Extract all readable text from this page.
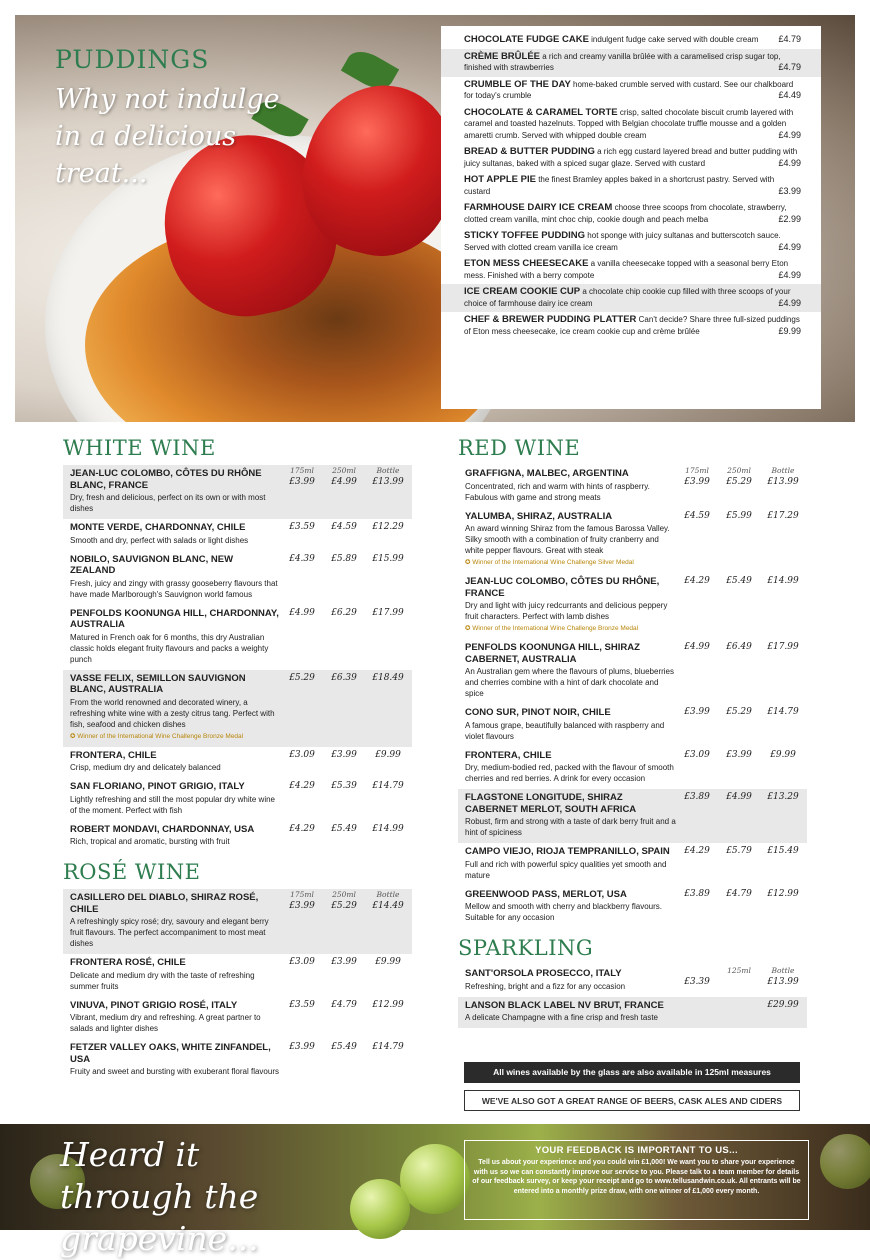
PUDDINGS
Why not indulge in a delicious treat...
CHOCOLATE FUDGE CAKE indulgent fudge cake served with double cream £4.79
CRÈME BRÛLÉE a rich and creamy vanilla brûlée with a caramelised crisp sugar top, finished with strawberries	£4.79
CRUMBLE OF THE DAY home-baked crumble served with custard. See our chalkboard for today's crumble	£4.49
CHOCOLATE & CARAMEL TORTE crisp, salted chocolate biscuit crumb layered with caramel and toasted hazelnuts. Topped with Belgian chocolate truffle mousse and a golden amaretti crumb. Served with whipped double cream	£4.99
BREAD & BUTTER PUDDING a rich egg custard layered bread and butter pudding with juicy sultanas, baked with a spiced sugar glaze. Served with custard	£4.99
HOT APPLE PIE the finest Bramley apples baked in a shortcrust pastry. Served with custard	£3.99
FARMHOUSE DAIRY ICE CREAM choose three scoops from chocolate, strawberry, clotted cream vanilla, mint choc chip, cookie dough and peach melba	£2.99
STICKY TOFFEE PUDDING hot sponge with juicy sultanas and butterscotch sauce. Served with clotted cream vanilla ice cream	£4.99
ETON MESS CHEESECAKE a vanilla cheesecake topped with a seasonal berry Eton mess. Finished with a berry compote	£4.99
ICE CREAM COOKIE CUP a chocolate chip cookie cup filled with three scoops of your choice of farmhouse dairy ice cream	£4.99
CHEF & BREWER PUDDING PLATTER Can't decide? Share three full-sized puddings of Eton mess cheesecake, ice cream cookie cup and crème brûlée	£9.99
WHITE WINE
JEAN-LUC COLOMBO, CÔTES DU RHÔNE BLANC, FRANCE
Dry, fresh and delicious, perfect on its own or with most dishes
175ml	250ml	Bottle
£3.99	£4.99	£13.99
MONTE VERDE, CHARDONNAY, CHILE
Smooth and dry, perfect with salads or light dishes
£3.59	£4.59	£12.29
NOBILO, SAUVIGNON BLANC, NEW ZEALAND
Fresh, juicy and zingy with grassy gooseberry flavours that have made Marlborough's Sauvignon world famous
£4.39	£5.89	£15.99
PENFOLDS KOONUNGA HILL, CHARDONNAY, AUSTRALIA
Matured in French oak for 6 months, this dry Australian classic holds elegant fruity flavours and packs a weighty punch
£4.99	£6.29	£17.99
VASSE FELIX, SEMILLON SAUVIGNON BLANC, AUSTRALIA
From the world renowned and decorated winery, a refreshing white wine with a zesty citrus tang. Perfect with fish, seafood and chicken dishes
✪ Winner of the International Wine Challenge Bronze Medal
£5.29	£6.39	£18.49
FRONTERA, CHILE
Crisp, medium dry and delicately balanced
£3.09	£3.99	£9.99
SAN FLORIANO, PINOT GRIGIO, ITALY
Lightly refreshing and still the most popular dry white wine of the moment. Perfect with fish
£4.29	£5.39	£14.79
ROBERT MONDAVI, CHARDONNAY, USA
Rich, tropical and aromatic, bursting with fruit
£4.29	£5.49	£14.99
ROSÉ WINE
CASILLERO DEL DIABLO, SHIRAZ ROSÉ, CHILE
A refreshingly spicy rosé; dry, savoury and elegant berry fruit flavours. The perfect accompaniment to most meat dishes
175ml	250ml	Bottle
£3.99	£5.29	£14.49
FRONTERA ROSÉ, CHILE
Delicate and medium dry with the taste of refreshing summer fruits
£3.09	£3.99	£9.99
VINUVA, PINOT GRIGIO ROSÉ, ITALY
Vibrant, medium dry and refreshing. A great partner to salads and lighter dishes
£3.59	£4.79	£12.99
FETZER VALLEY OAKS, WHITE ZINFANDEL, USA
Fruity and sweet and bursting with exuberant floral flavours
£3.99	£5.49	£14.79
RED WINE
GRAFFIGNA, MALBEC, ARGENTINA
Concentrated, rich and warm with hints of raspberry. Fabulous with game and strong meats
175ml	250ml	Bottle
£3.99	£5.29	£13.99
YALUMBA, SHIRAZ, AUSTRALIA
An award winning Shiraz from the famous Barossa Valley. Silky smooth with a combination of fruity cranberry and white pepper flavours. Great with steak
✪ Winner of the International Wine Challenge Silver Medal
£4.59	£5.99	£17.29
JEAN-LUC COLOMBO, CÔTES DU RHÔNE, FRANCE
Dry and light with juicy redcurrants and delicious peppery fruit characters. Perfect with lamb dishes
✪ Winner of the International Wine Challenge Bronze Medal
£4.29	£5.49	£14.99
PENFOLDS KOONUNGA HILL, SHIRAZ CABERNET, AUSTRALIA
An Australian gem where the flavours of plums, blueberries and cherries combine with a hint of dark chocolate and spice
£4.99	£6.49	£17.99
CONO SUR, PINOT NOIR, CHILE
A famous grape, beautifully balanced with raspberry and violet flavours
£3.99	£5.29	£14.79
FRONTERA, CHILE
Dry, medium-bodied red, packed with the flavour of smooth cherries and red berries. A drink for every occasion
£3.09	£3.99	£9.99
FLAGSTONE LONGITUDE, SHIRAZ CABERNET MERLOT, SOUTH AFRICA
Robust, firm and strong with a taste of dark berry fruit and a hint of spiciness
£3.89	£4.99	£13.29
CAMPO VIEJO, RIOJA TEMPRANILLO, SPAIN
Full and rich with powerful spicy qualities yet smooth and mature
£4.29	£5.79	£15.49
GREENWOOD PASS, MERLOT, USA
Mellow and smooth with cherry and blackberry flavours. Suitable for any occasion
£3.89	£4.79	£12.99
SPARKLING
SANT'ORSOLA PROSECCO, ITALY
Refreshing, bright and a fizz for any occasion
125ml	Bottle
£3.39	£13.99
LANSON BLACK LABEL NV BRUT, FRANCE
A delicate Champagne with a fine crisp and fresh taste
£29.99
All wines available by the glass are also available in 125ml measures
WE'VE ALSO GOT A GREAT RANGE OF BEERS, CASK ALES AND CIDERS
Heard it through the grapevine...
YOUR FEEDBACK IS IMPORTANT TO US...
Tell us about your experience and you could win £1,000! We want you to share your experience with us so we can constantly improve our service to you. Please talk to a team member for details of our feedback survey, or keep your receipt and go to www.tellusandwin.co.uk. All entrants will be entered into a monthly prize draw, with one winner of £1,000 every month.
